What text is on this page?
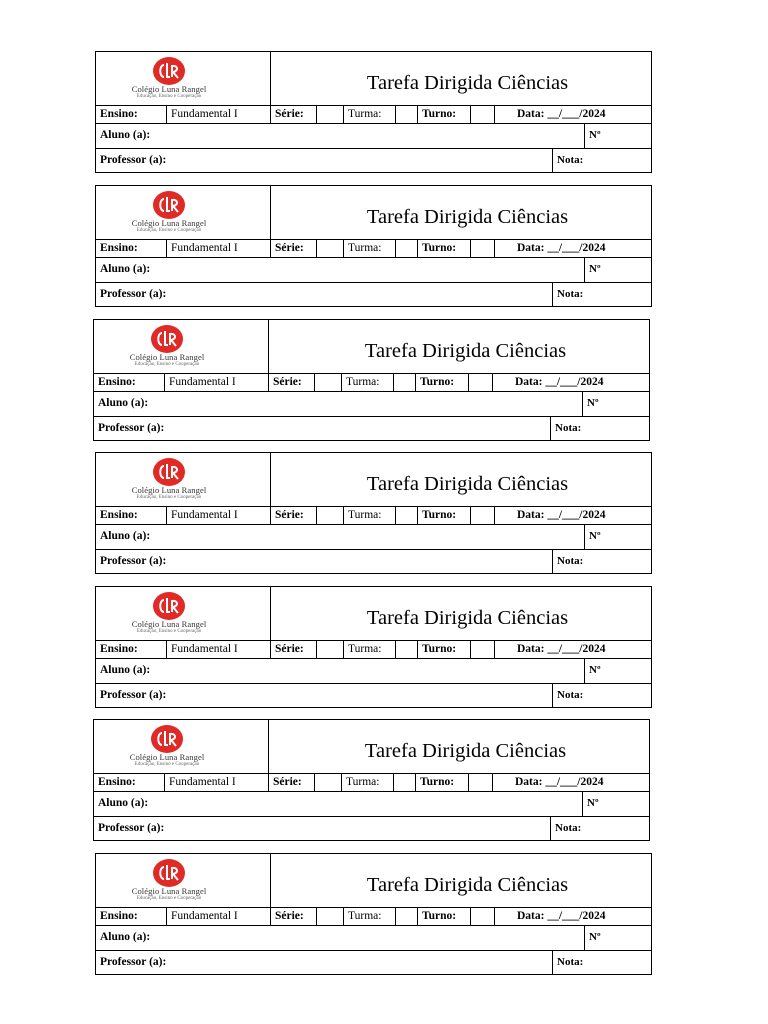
Colégio Luna Rangel
Educação, Ensino e Cooperação
Tarefa Dirigida Ciências
Ensino:	Fundamental I	Série:	Turma:	Turno:	Data: __/___/2024
Aluno (a):	Nº
Professor (a):	Nota:
Colégio Luna Rangel
Educação, Ensino e Cooperação
Tarefa Dirigida Ciências
Ensino:	Fundamental I	Série:	Turma:	Turno:	Data: __/___/2024
Aluno (a):	Nº
Professor (a):	Nota:
Colégio Luna Rangel
Educação, Ensino e Cooperação
Tarefa Dirigida Ciências
Ensino:	Fundamental I	Série:	Turma:	Turno:	Data: __/___/2024
Aluno (a):	Nº
Professor (a):	Nota:
Colégio Luna Rangel
Educação, Ensino e Cooperação
Tarefa Dirigida Ciências
Ensino:	Fundamental I	Série:	Turma:	Turno:	Data: __/___/2024
Aluno (a):	Nº
Professor (a):	Nota:
Colégio Luna Rangel
Educação, Ensino e Cooperação
Tarefa Dirigida Ciências
Ensino:	Fundamental I	Série:	Turma:	Turno:	Data: __/___/2024
Aluno (a):	Nº
Professor (a):	Nota:
Colégio Luna Rangel
Educação, Ensino e Cooperação
Tarefa Dirigida Ciências
Ensino:	Fundamental I	Série:	Turma:	Turno:	Data: __/___/2024
Aluno (a):	Nº
Professor (a):	Nota:
Colégio Luna Rangel
Educação, Ensino e Cooperação
Tarefa Dirigida Ciências
Ensino:	Fundamental I	Série:	Turma:	Turno:	Data: __/___/2024
Aluno (a):	Nº
Professor (a):	Nota:
